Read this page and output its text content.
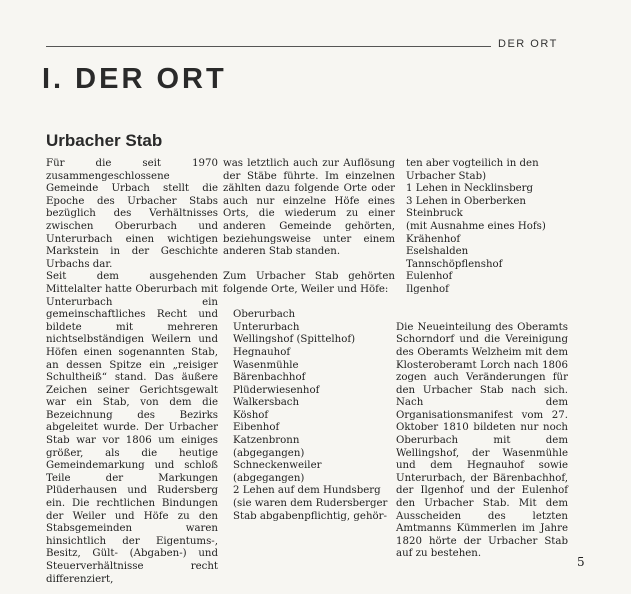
DER ORT
I. DER ORT
Urbacher Stab

Für die seit 1970 zusammengeschlossene Gemeinde Urbach stellt die Epoche des Urbacher Stabs bezüglich des Verhältnisses zwischen Oberurbach und Unterurbach einen wichtigen Markstein in der Geschichte Urbachs dar.

Seit dem ausgehenden Mittelalter hatte Oberurbach mit Unterurbach ein gemeinschaftliches Recht und bildete mit mehreren nichtselbständigen Weilern und Höfen einen sogenannten Stab, an dessen Spitze ein „reisiger Schultheiß“ stand. Das äußere Zeichen seiner Gerichtsgewalt war ein Stab, von dem die Bezeichnung des Bezirks abgeleitet wurde. Der Urbacher Stab war vor 1806 um einiges größer, als die heutige Gemeindemarkung und schloß Teile der Markungen Plüderhausen und Rudersberg ein. Die rechtlichen Bindungen der Weiler und Höfe zu den Stabsgemeinden waren hinsichtlich der Eigentums-, Besitz, Gült- (Abgaben-) und Steuerverhältnisse recht differenziert,

was letztlich auch zur Auflösung der Stäbe führte. Im einzelnen zählten dazu folgende Orte oder auch nur einzelne Höfe eines Orts, die wiederum zu einer anderen Gemeinde gehörten, beziehungsweise unter einem anderen Stab standen.

Zum Urbacher Stab gehörten folgende Orte, Weiler und Höfe:

Oberurbach
Unterurbach
Wellingshof (Spittelhof)
Hegnauhof
Wasenmühle
Bärenbachhof
Plüderwiesenhof
Walkersbach
Köshof
Eibenhof
Katzenbronn
(abgegangen)
Schneckenweiler
(abgegangen)
2 Lehen auf dem Hundsberg
(sie waren dem Rudersberger
Stab abgabenpflichtig, gehör-
ten aber vogteilich in den Urbacher Stab)
1 Lehen in Necklinsberg
3 Lehen in Oberberken
Steinbruck
(mit Ausnahme eines Hofs)
Krähenhof
Eselshalden
Tannschöpflenshof
Eulenhof
Ilgenhof

Die Neueinteilung des Oberamts Schorndorf und die Vereinigung des Oberamts Welzheim mit dem Klosteroberamt Lorch nach 1806 zogen auch Veränderungen für den Urbacher Stab nach sich. Nach dem Organisationsmanifest vom 27. Oktober 1810 bildeten nur noch Oberurbach mit dem Wellingshof, der Wasenmühle und dem Hegnauhof sowie Unterurbach, der Bärenbachhof, der Ilgenhof und der Eulenhof den Urbacher Stab. Mit dem Ausscheiden des letzten Amtmanns Kümmerlen im Jahre 1820 hörte der Urbacher Stab auf zu bestehen.

5
